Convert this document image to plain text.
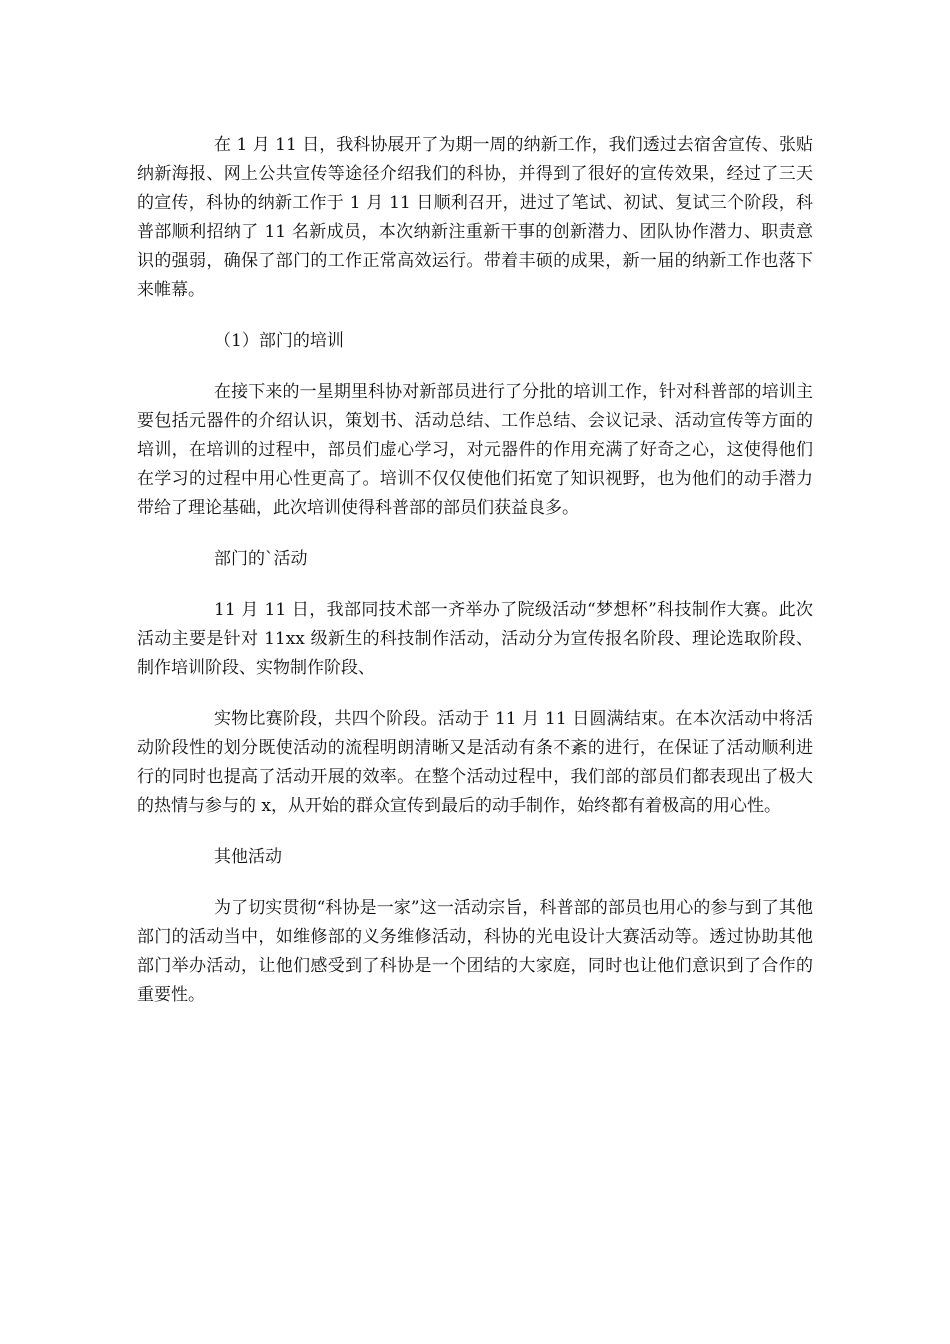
在 1 月 11 日，我科协展开了为期一周的纳新工作，我们透过去宿舍宣传、张贴纳新海报、网上公共宣传等途径介绍我们的科协，并得到了很好的宣传效果，经过了三天的宣传，科协的纳新工作于 1 月 11 日顺利召开，进过了笔试、初试、复试三个阶段，科普部顺利招纳了 11 名新成员，本次纳新注重新干事的创新潜力、团队协作潜力、职责意识的强弱，确保了部门的工作正常高效运行。带着丰硕的成果，新一届的纳新工作也落下来帷幕。

（1）部门的培训

在接下来的一星期里科协对新部员进行了分批的培训工作，针对科普部的培训主要包括元器件的介绍认识，策划书、活动总结、工作总结、会议记录、活动宣传等方面的培训，在培训的过程中，部员们虚心学习，对元器件的作用充满了好奇之心，这使得他们在学习的过程中用心性更高了。培训不仅仅使他们拓宽了知识视野，也为他们的动手潜力带给了理论基础，此次培训使得科普部的部员们获益良多。

部门的`活动

11 月 11 日，我部同技术部一齐举办了院级活动“梦想杯”科技制作大赛。此次活动主要是针对 11xx 级新生的科技制作活动，活动分为宣传报名阶段、理论选取阶段、制作培训阶段、实物制作阶段、

实物比赛阶段，共四个阶段。活动于 11 月 11 日圆满结束。在本次活动中将活动阶段性的划分既使活动的流程明朗清晰又是活动有条不紊的进行，在保证了活动顺利进行的同时也提高了活动开展的效率。在整个活动过程中，我们部的部员们都表现出了极大的热情与参与的 x，从开始的群众宣传到最后的动手制作，始终都有着极高的用心性。

其他活动

为了切实贯彻“科协是一家”这一活动宗旨，科普部的部员也用心的参与到了其他部门的活动当中，如维修部的义务维修活动，科协的光电设计大赛活动等。透过协助其他部门举办活动，让他们感受到了科协是一个团结的大家庭，同时也让他们意识到了合作的重要性。
